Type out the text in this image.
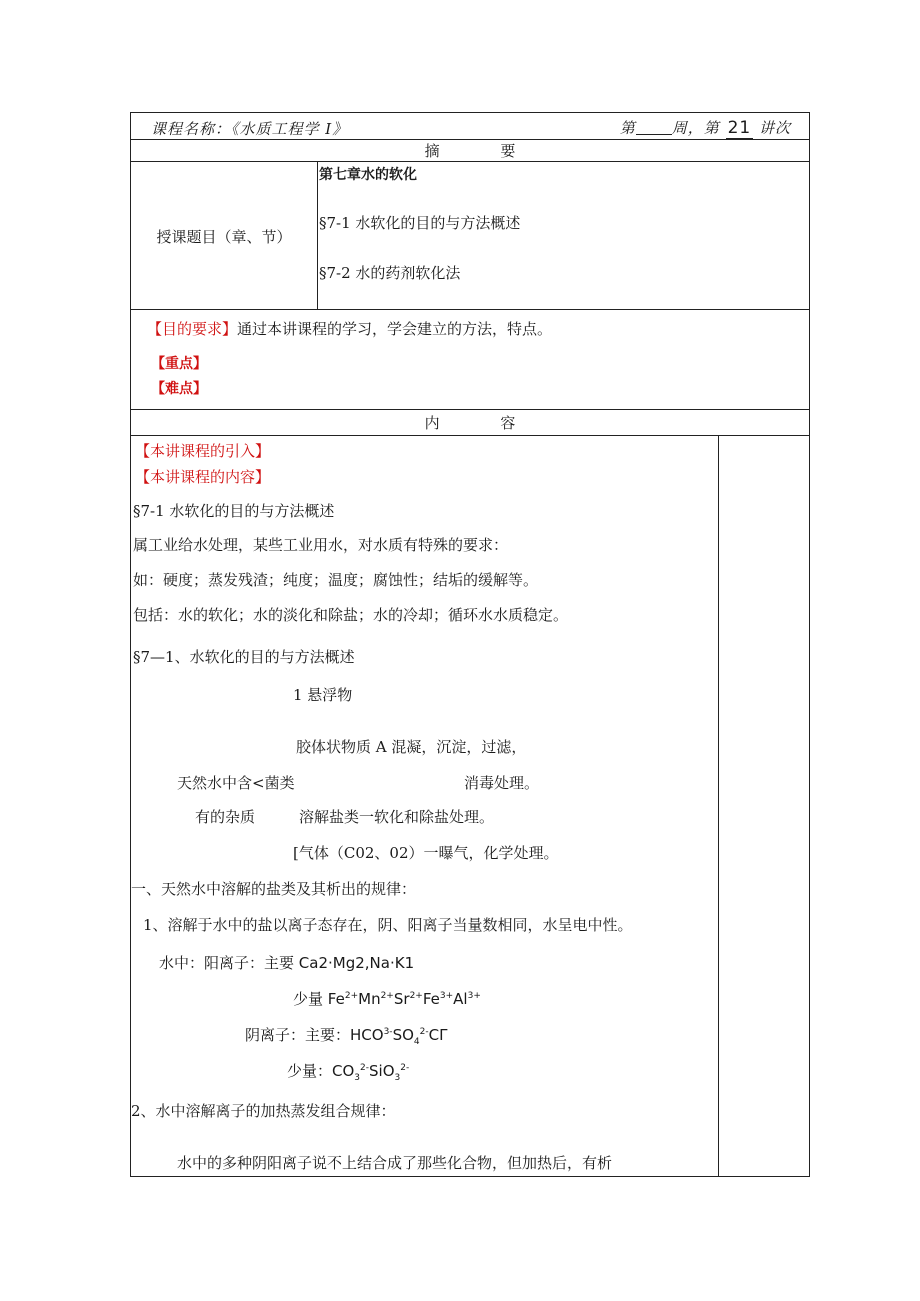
课程名称：《水质工程学 I》	第 周，第 21 讲次
摘 要
授课题目（章、节）
第七章水的软化
§7-1 水软化的目的与方法概述
§7-2 水的药剂软化法
【目的要求】通过本讲课程的学习，学会建立的方法，特点。
【重点】
【难点】
内 容
【本讲课程的引入】
【本讲课程的内容】
§7-1 水软化的目的与方法概述
属工业给水处理，某些工业用水，对水质有特殊的要求：
如：硬度；蒸发残渣；纯度；温度；腐蚀性；结垢的缓解等。
包括：水的软化；水的淡化和除盐；水的冷却；循环水水质稳定。
§7—1、水软化的目的与方法概述
1 悬浮物
胶体状物质 A 混凝，沉淀，过滤，
天然水中含<菌类	消毒处理。
有的杂质	溶解盐类一软化和除盐处理。
[气体（C02、02）一曝气，化学处理。
一、天然水中溶解的盐类及其析出的规律：
1、溶解于水中的盐以离子态存在，阴、阳离子当量数相同，水呈电中性。
水中：阳离子：主要 Ca2·Mg2,Na·K1
少量 $Fe^{2+}Mn^{2+}Sr^{2+}Fe^{3+}Al^{3+}$
阴离子：主要：$HCO^{3-}SO_4^{2-}C\Gamma$
少量：$CO_3^{2-}SiO_3^{2-}$
2、水中溶解离子的加热蒸发组合规律：
水中的多种阴阳离子说不上结合成了那些化合物，但加热后，有析
